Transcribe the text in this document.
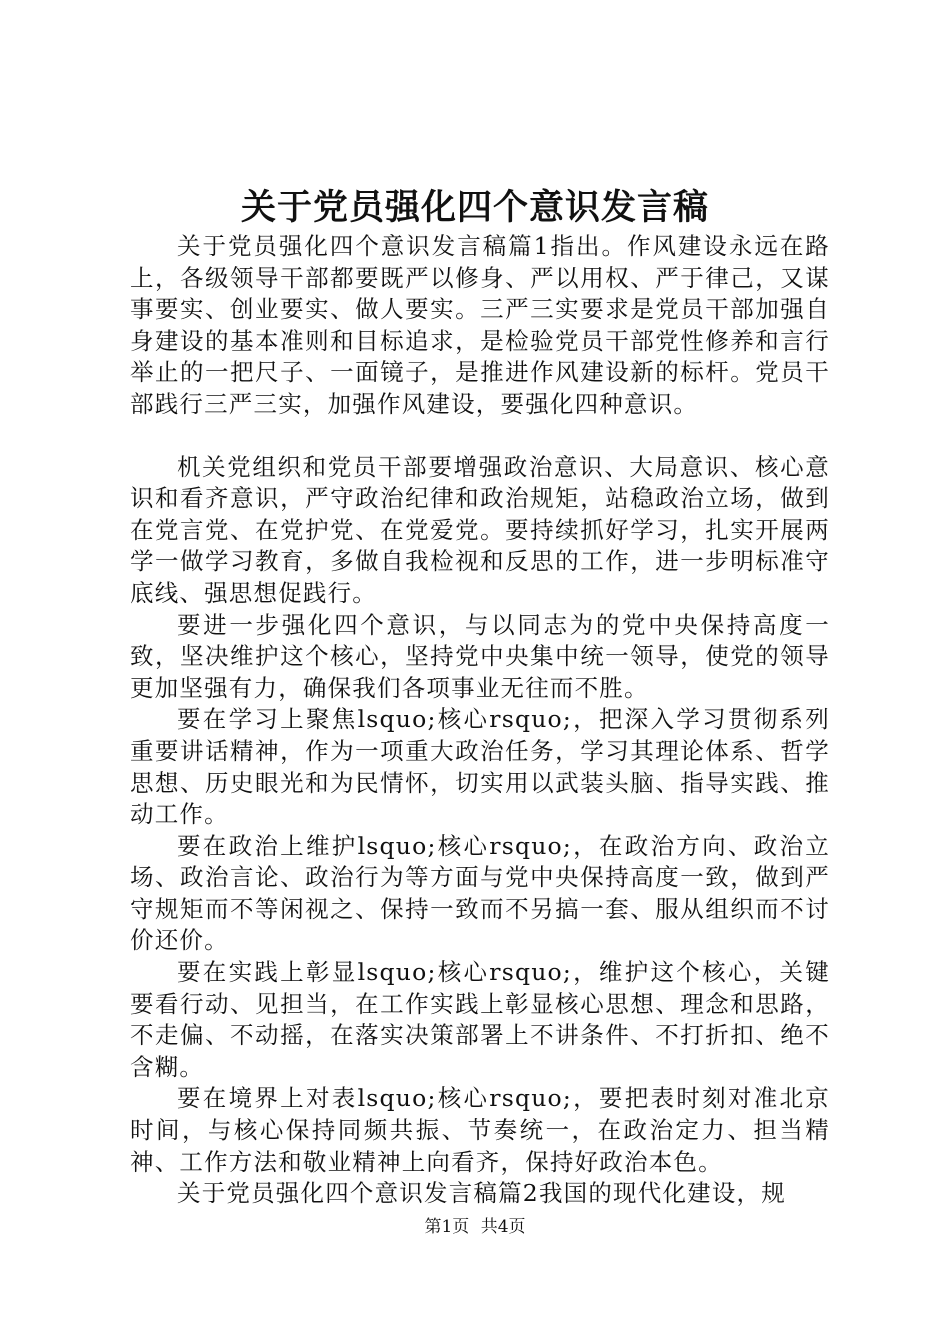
关于党员强化四个意识发言稿

关于党员强化四个意识发言稿篇1指出。作风建设永远在路上，各级领导干部都要既严以修身、严以用权、严于律己，又谋事要实、创业要实、做人要实。三严三实要求是党员干部加强自身建设的基本准则和目标追求，是检验党员干部党性修养和言行举止的一把尺子、一面镜子，是推进作风建设新的标杆。党员干部践行三严三实，加强作风建设，要强化四种意识。

机关党组织和党员干部要增强政治意识、大局意识、核心意识和看齐意识，严守政治纪律和政治规矩，站稳政治立场，做到在党言党、在党护党、在党爱党。要持续抓好学习，扎实开展两学一做学习教育，多做自我检视和反思的工作，进一步明标准守底线、强思想促践行。

要进一步强化四个意识，与以同志为的党中央保持高度一致，坚决维护这个核心，坚持党中央集中统一领导，使党的领导更加坚强有力，确保我们各项事业无往而不胜。

要在学习上聚焦lsquo;核心rsquo;，把深入学习贯彻系列重要讲话精神，作为一项重大政治任务，学习其理论体系、哲学思想、历史眼光和为民情怀，切实用以武装头脑、指导实践、推动工作。

要在政治上维护lsquo;核心rsquo;，在政治方向、政治立场、政治言论、政治行为等方面与党中央保持高度一致，做到严守规矩而不等闲视之、保持一致而不另搞一套、服从组织而不讨价还价。

要在实践上彰显lsquo;核心rsquo;，维护这个核心，关键要看行动、见担当，在工作实践上彰显核心思想、理念和思路，不走偏、不动摇，在落实决策部署上不讲条件、不打折扣、绝不含糊。

要在境界上对表lsquo;核心rsquo;，要把表时刻对准北京时间，与核心保持同频共振、节奏统一，在政治定力、担当精神、工作方法和敬业精神上向看齐，保持好政治本色。

关于党员强化四个意识发言稿篇2我国的现代化建设，规

第1页 共4页
